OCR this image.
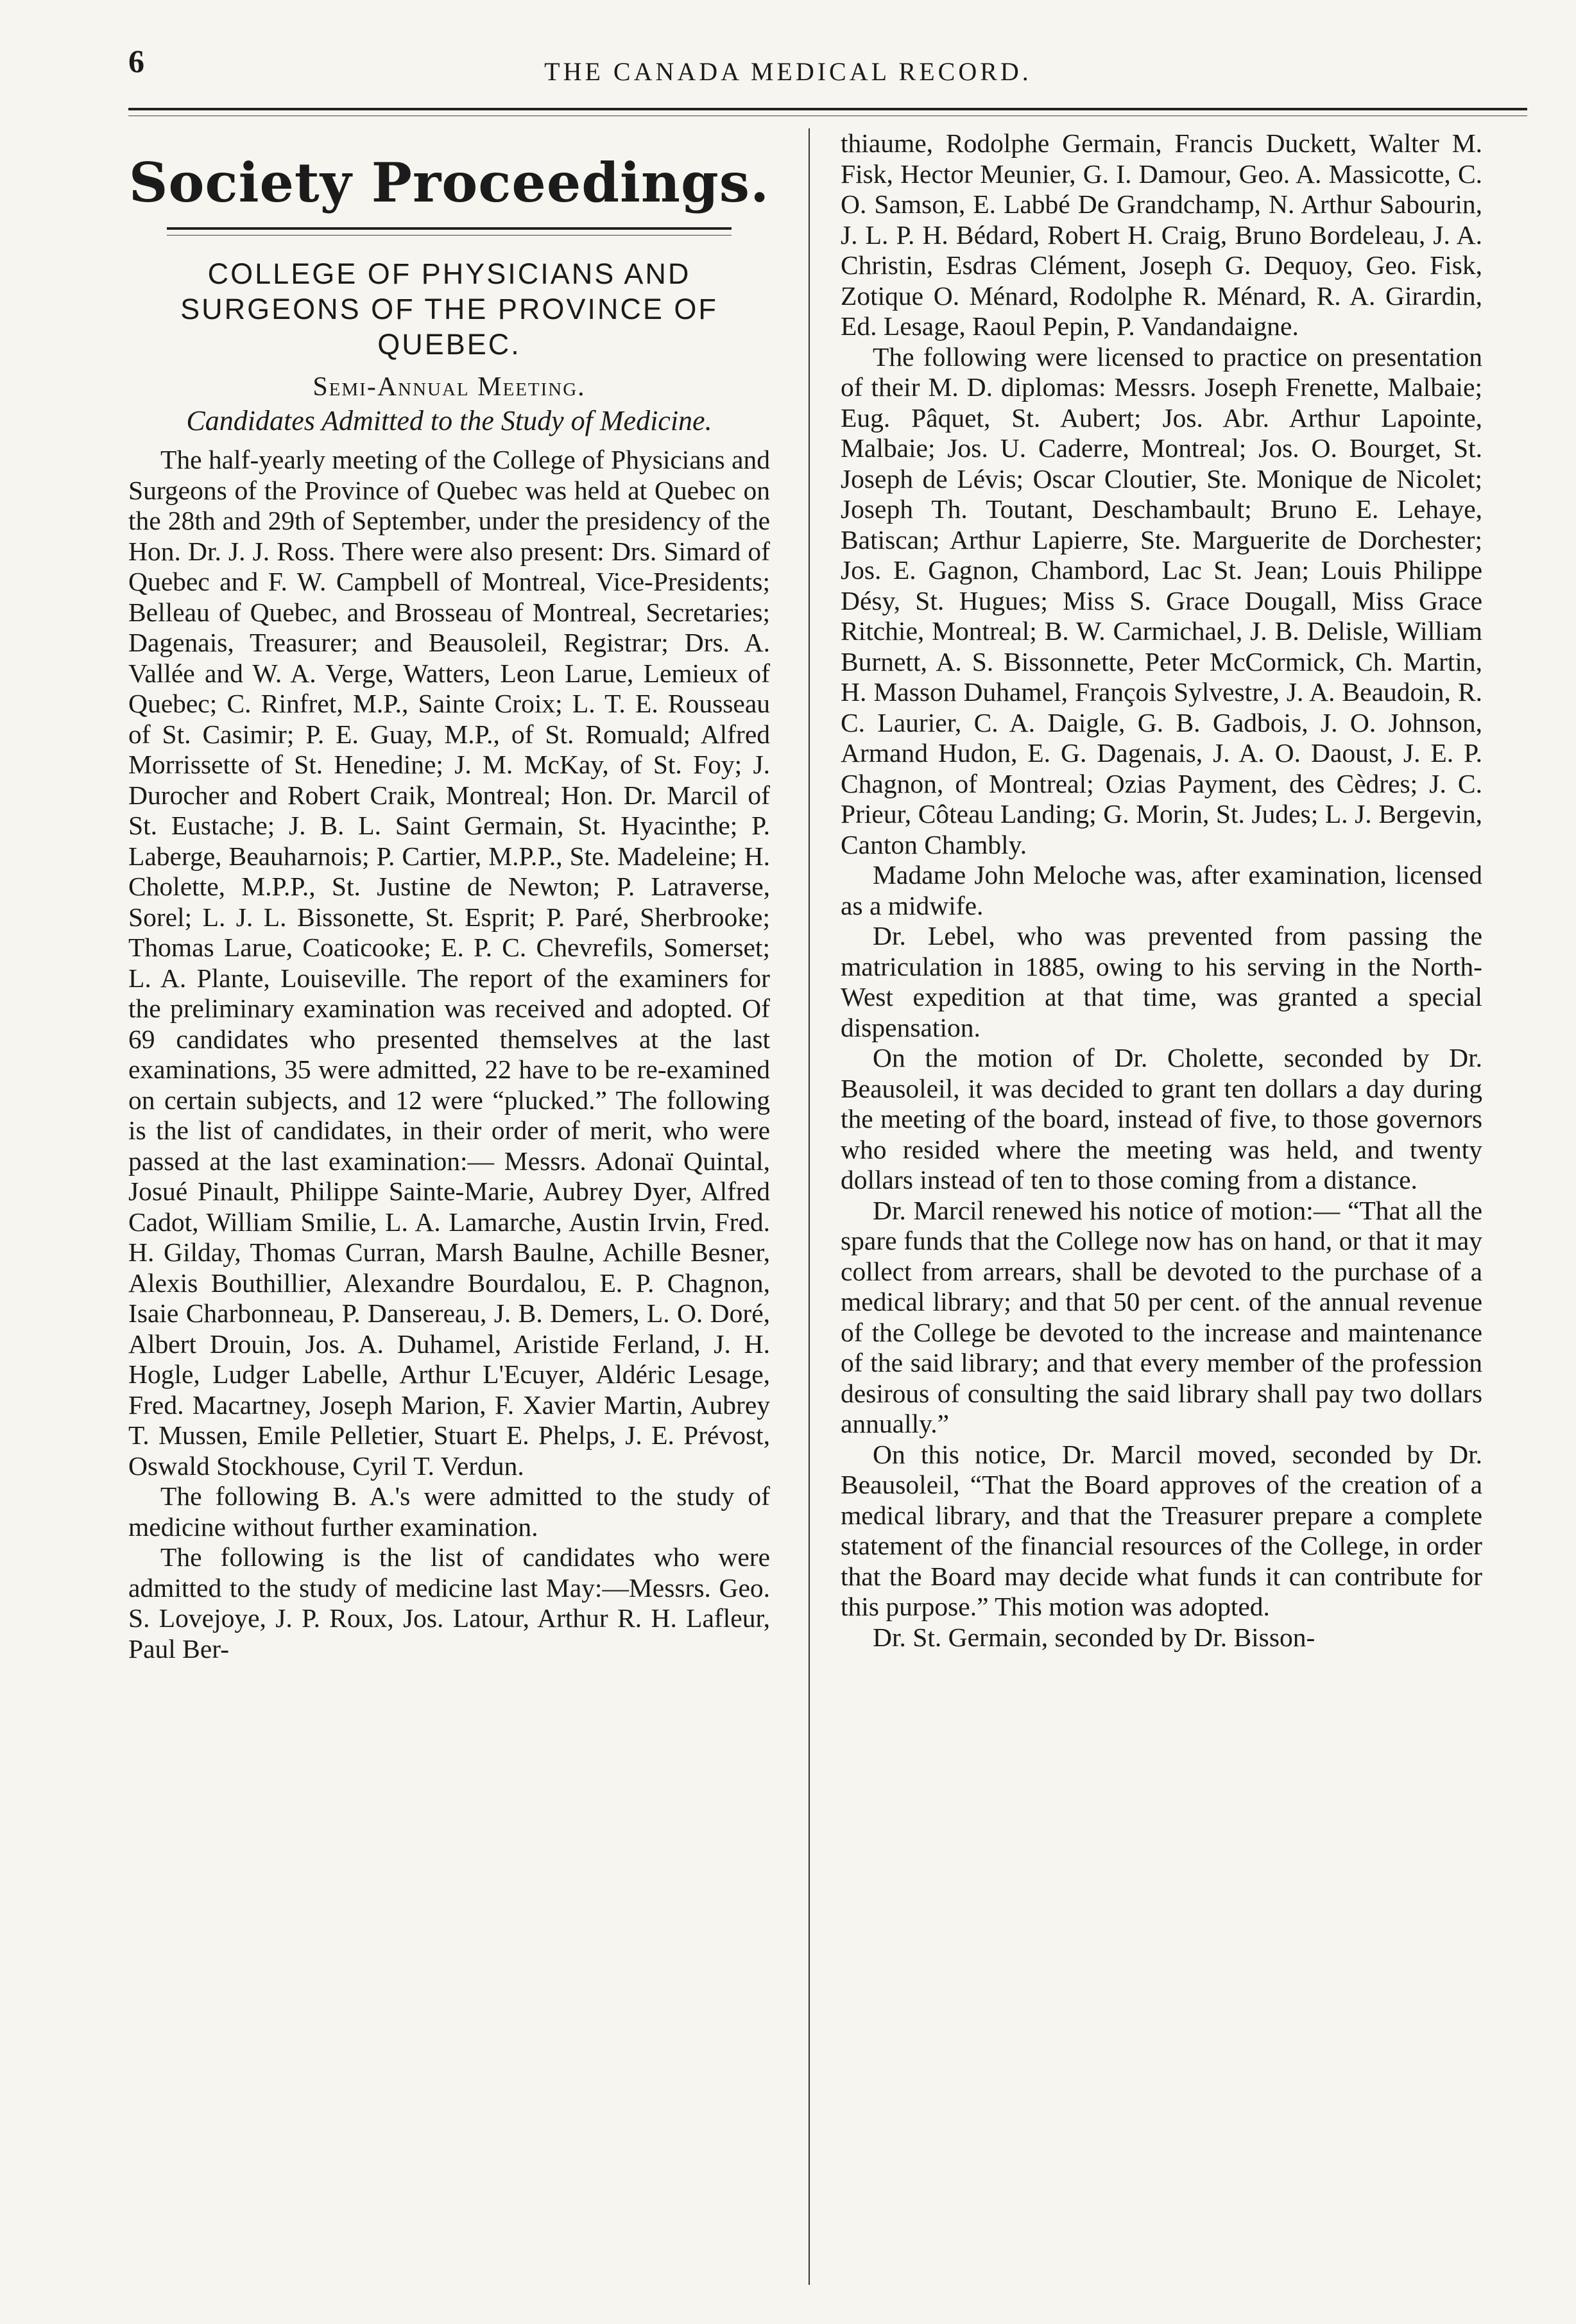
6	THE CANADA MEDICAL RECORD.
Society Proceedings.
COLLEGE OF PHYSICIANS AND SURGEONS OF THE PROVINCE OF QUEBEC.
Semi-Annual Meeting.
Candidates Admitted to the Study of Medicine.

The half-yearly meeting of the College of Physicians and Surgeons of the Province of Quebec was held at Quebec on the 28th and 29th of September, under the presidency of the Hon. Dr. J. J. Ross. There were also present: Drs. Simard of Quebec and F. W. Campbell of Montreal, Vice-Presidents; Belleau of Quebec, and Brosseau of Montreal, Secretaries; Dagenais, Treasurer; and Beausoleil, Registrar; Drs. A. Vallée and W. A. Verge, Watters, Leon Larue, Lemieux of Quebec; C. Rinfret, M.P., Sainte Croix; L. T. E. Rousseau of St. Casimir; P. E. Guay, M.P., of St. Romuald; Alfred Morrissette of St. Henedine; J. M. McKay, of St. Foy; J. Durocher and Robert Craik, Montreal; Hon. Dr. Marcil of St. Eustache; J. B. L. Saint Germain, St. Hyacinthe; P. Laberge, Beauharnois; P. Cartier, M.P.P., Ste. Madeleine; H. Cholette, M.P.P., St. Justine de Newton; P. Latraverse, Sorel; L. J. L. Bissonette, St. Esprit; P. Paré, Sherbrooke; Thomas Larue, Coaticooke; E. P. C. Chevrefils, Somerset; L. A. Plante, Louiseville. The report of the examiners for the preliminary examination was received and adopted. Of 69 candidates who presented themselves at the last examinations, 35 were admitted, 22 have to be re-examined on certain subjects, and 12 were “plucked.” The following is the list of candidates, in their order of merit, who were passed at the last examination:— Messrs. Adonaï Quintal, Josué Pinault, Philippe Sainte-Marie, Aubrey Dyer, Alfred Cadot, William Smilie, L. A. Lamarche, Austin Irvin, Fred. H. Gilday, Thomas Curran, Marsh Baulne, Achille Besner, Alexis Bouthillier, Alexandre Bourdalou, E. P. Chagnon, Isaie Charbonneau, P. Dansereau, J. B. Demers, L. O. Doré, Albert Drouin, Jos. A. Duhamel, Aristide Ferland, J. H. Hogle, Ludger Labelle, Arthur L'Ecuyer, Aldéric Lesage, Fred. Macartney, Joseph Marion, F. Xavier Martin, Aubrey T. Mussen, Emile Pelletier, Stuart E. Phelps, J. E. Prévost, Oswald Stockhouse, Cyril T. Verdun.

The following B. A.'s were admitted to the study of medicine without further examination.

The following is the list of candidates who were admitted to the study of medicine last May:—Messrs. Geo. S. Lovejoye, J. P. Roux, Jos. Latour, Arthur R. H. Lafleur, Paul Ber-

thiaume, Rodolphe Germain, Francis Duckett, Walter M. Fisk, Hector Meunier, G. I. Damour, Geo. A. Massicotte, C. O. Samson, E. Labbé De Grandchamp, N. Arthur Sabourin, J. L. P. H. Bédard, Robert H. Craig, Bruno Bordeleau, J. A. Christin, Esdras Clément, Joseph G. Dequoy, Geo. Fisk, Zotique O. Ménard, Rodolphe R. Ménard, R. A. Girardin, Ed. Lesage, Raoul Pepin, P. Vandandaigne.

The following were licensed to practice on presentation of their M. D. diplomas: Messrs. Joseph Frenette, Malbaie; Eug. Pâquet, St. Aubert; Jos. Abr. Arthur Lapointe, Malbaie; Jos. U. Caderre, Montreal; Jos. O. Bourget, St. Joseph de Lévis; Oscar Cloutier, Ste. Monique de Nicolet; Joseph Th. Toutant, Deschambault; Bruno E. Lehaye, Batiscan; Arthur Lapierre, Ste. Marguerite de Dorchester; Jos. E. Gagnon, Chambord, Lac St. Jean; Louis Philippe Désy, St. Hugues; Miss S. Grace Dougall, Miss Grace Ritchie, Montreal; B. W. Carmichael, J. B. Delisle, William Burnett, A. S. Bissonnette, Peter McCormick, Ch. Martin, H. Masson Duhamel, François Sylvestre, J. A. Beaudoin, R. C. Laurier, C. A. Daigle, G. B. Gadbois, J. O. Johnson, Armand Hudon, E. G. Dagenais, J. A. O. Daoust, J. E. P. Chagnon, of Montreal; Ozias Payment, des Cèdres; J. C. Prieur, Côteau Landing; G. Morin, St. Judes; L. J. Bergevin, Canton Chambly.

Madame John Meloche was, after examination, licensed as a midwife.

Dr. Lebel, who was prevented from passing the matriculation in 1885, owing to his serving in the North-West expedition at that time, was granted a special dispensation.

On the motion of Dr. Cholette, seconded by Dr. Beausoleil, it was decided to grant ten dollars a day during the meeting of the board, instead of five, to those governors who resided where the meeting was held, and twenty dollars instead of ten to those coming from a distance.

Dr. Marcil renewed his notice of motion:— “That all the spare funds that the College now has on hand, or that it may collect from arrears, shall be devoted to the purchase of a medical library; and that 50 per cent. of the annual revenue of the College be devoted to the increase and maintenance of the said library; and that every member of the profession desirous of consulting the said library shall pay two dollars annually.”

On this notice, Dr. Marcil moved, seconded by Dr. Beausoleil, “That the Board approves of the creation of a medical library, and that the Treasurer prepare a complete statement of the financial resources of the College, in order that the Board may decide what funds it can contribute for this purpose.” This motion was adopted.

Dr. St. Germain, seconded by Dr. Bisson-
